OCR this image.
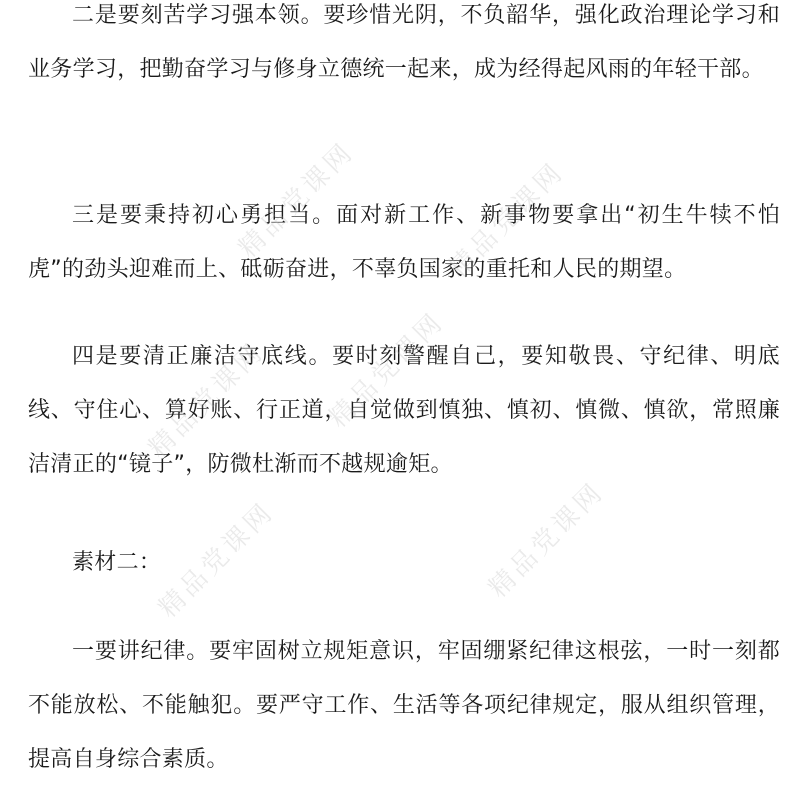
二是要刻苦学习强本领。要珍惜光阴，不负韶华，强化政治理论学习和业务学习，把勤奋学习与修身立德统一起来，成为经得起风雨的年轻干部。

三是要秉持初心勇担当。面对新工作、新事物要拿出“初生牛犊不怕虎”的劲头迎难而上、砥砺奋进，不辜负国家的重托和人民的期望。

四是要清正廉洁守底线。要时刻警醒自己，要知敬畏、守纪律、明底线、守住心、算好账、行正道，自觉做到慎独、慎初、慎微、慎欲，常照廉洁清正的“镜子”，防微杜渐而不越规逾矩。

素材二：

一要讲纪律。要牢固树立规矩意识，牢固绷紧纪律这根弦，一时一刻都不能放松、不能触犯。要严守工作、生活等各项纪律规定，服从组织管理，提高自身综合素质。

精品党课网
精品党课网
精品党课网
精品党课网
精品党课网
精品党课网
